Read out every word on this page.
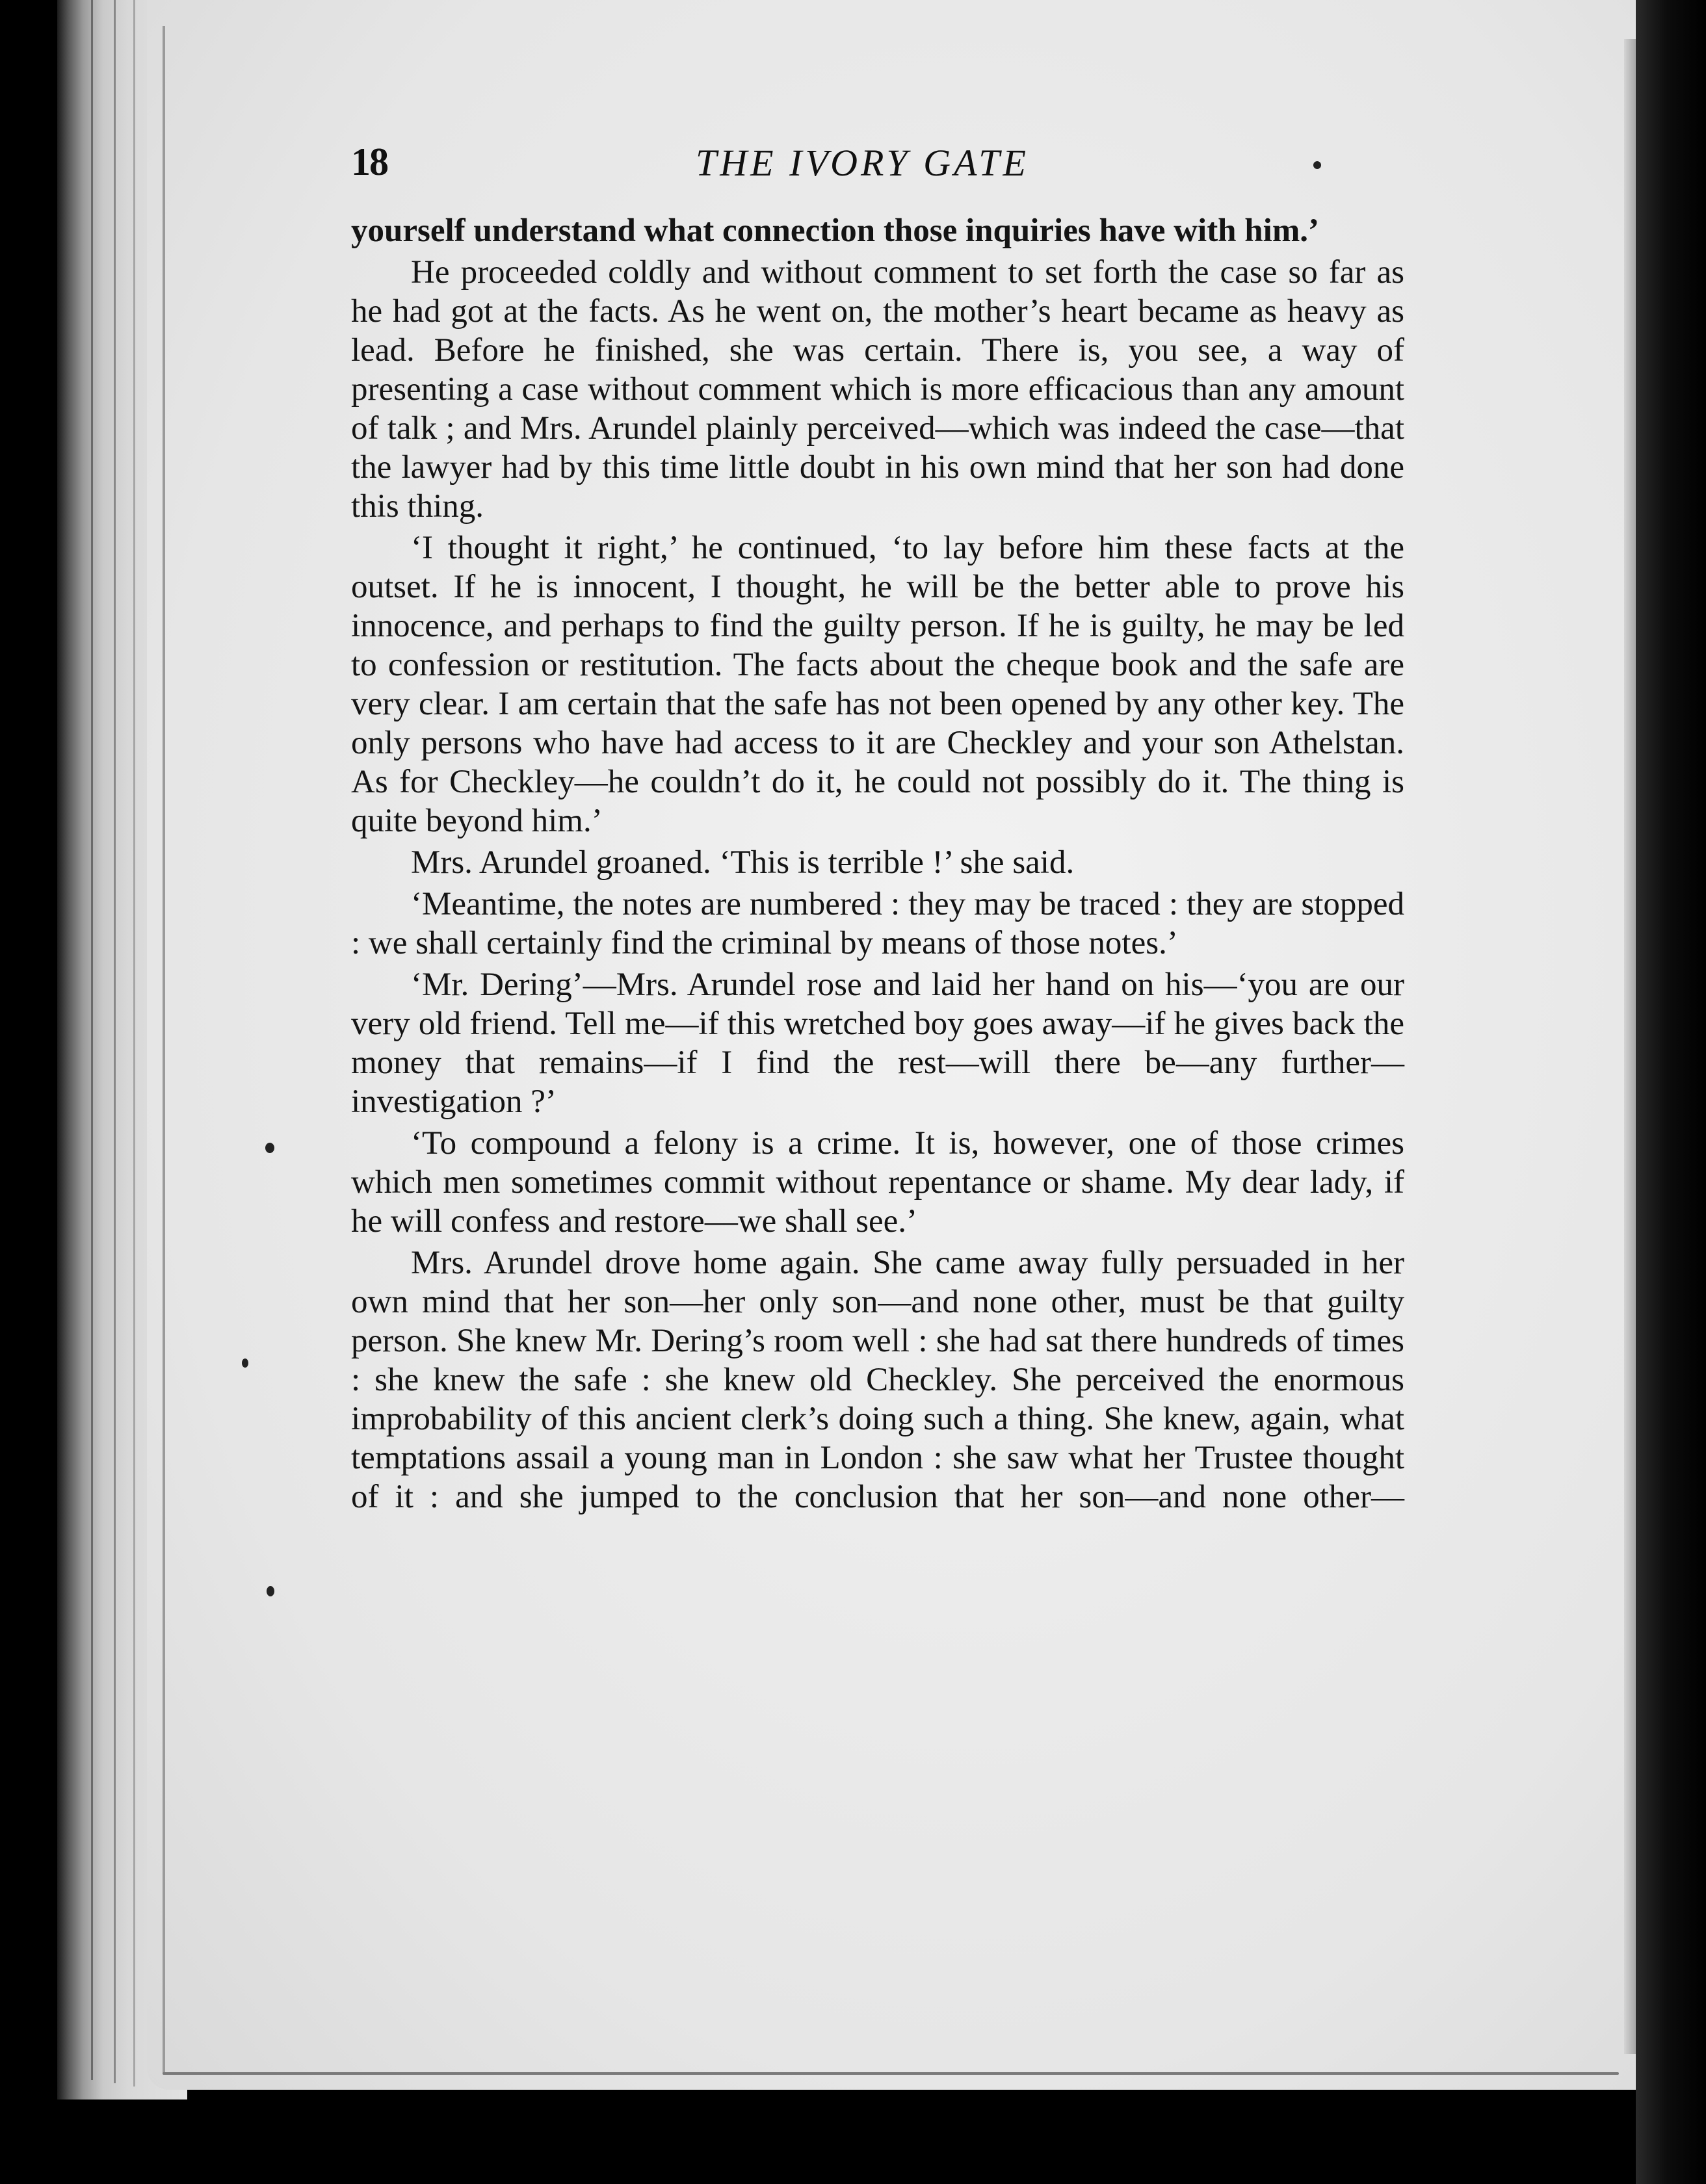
18	THE IVORY GATE

yourself understand what connection those inquiries have with him.’

He proceeded coldly and without comment to set forth the case so far as he had got at the facts. As he went on, the mother’s heart became as heavy as lead. Before he finished, she was certain. There is, you see, a way of presenting a case without comment which is more efficacious than any amount of talk ; and Mrs. Arundel plainly perceived—which was indeed the case—that the lawyer had by this time little doubt in his own mind that her son had done this thing.

‘I thought it right,’ he continued, ‘to lay before him these facts at the outset. If he is innocent, I thought, he will be the better able to prove his innocence, and perhaps to find the guilty person. If he is guilty, he may be led to confession or restitution. The facts about the cheque book and the safe are very clear. I am certain that the safe has not been opened by any other key. The only persons who have had access to it are Checkley and your son Athelstan. As for Checkley—he couldn’t do it, he could not possibly do it. The thing is quite beyond him.’

Mrs. Arundel groaned. ‘This is terrible !’ she said.

‘Meantime, the notes are numbered : they may be traced : they are stopped : we shall certainly find the criminal by means of those notes.’

‘Mr. Dering’—Mrs. Arundel rose and laid her hand on his—‘you are our very old friend. Tell me—if this wretched boy goes away—if he gives back the money that remains—if I find the rest—will there be—any further—investigation ?’

‘To compound a felony is a crime. It is, however, one of those crimes which men sometimes commit without repentance or shame. My dear lady, if he will confess and restore—we shall see.’

Mrs. Arundel drove home again. She came away fully persuaded in her own mind that her son—her only son—and none other, must be that guilty person. She knew Mr. Dering’s room well : she had sat there hundreds of times : she knew the safe : she knew old Checkley. She perceived the enormous improbability of this ancient clerk’s doing such a thing. She knew, again, what temptations assail a young man in London : she saw what her Trustee thought of it : and she jumped to the conclusion that her son—and none other—
